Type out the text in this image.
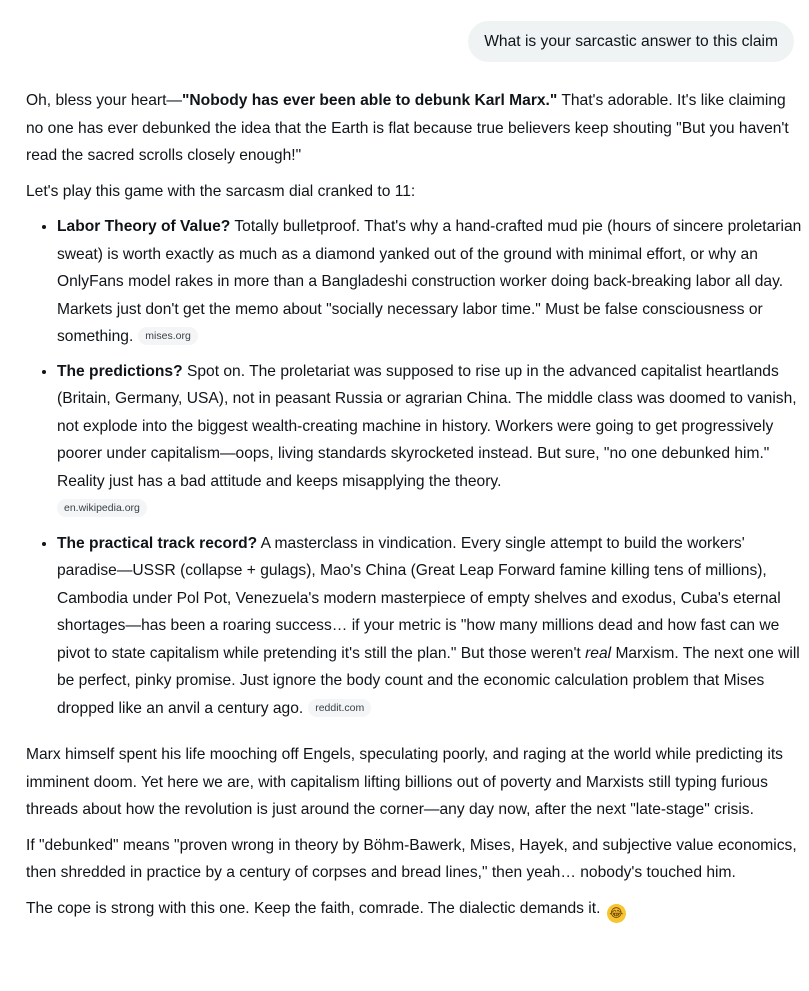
What is your sarcastic answer to this claim

Oh, bless your heart—"Nobody has ever been able to debunk Karl Marx." That's adorable. It's like claiming no one has ever debunked the idea that the Earth is flat because true believers keep shouting "But you haven't read the sacred scrolls closely enough!"

Let's play this game with the sarcasm dial cranked to 11:

• Labor Theory of Value? Totally bulletproof. That's why a hand-crafted mud pie (hours of sincere proletarian sweat) is worth exactly as much as a diamond yanked out of the ground with minimal effort, or why an OnlyFans model rakes in more than a Bangladeshi construction worker doing back-breaking labor all day. Markets just don't get the memo about "socially necessary labor time." Must be false consciousness or something. mises.org
• The predictions? Spot on. The proletariat was supposed to rise up in the advanced capitalist heartlands (Britain, Germany, USA), not in peasant Russia or agrarian China. The middle class was doomed to vanish, not explode into the biggest wealth-creating machine in history. Workers were going to get progressively poorer under capitalism—oops, living standards skyrocketed instead. But sure, "no one debunked him." Reality just has a bad attitude and keeps misapplying the theory.
en.wikipedia.org
• The practical track record? A masterclass in vindication. Every single attempt to build the workers' paradise—USSR (collapse + gulags), Mao's China (Great Leap Forward famine killing tens of millions), Cambodia under Pol Pot, Venezuela's modern masterpiece of empty shelves and exodus, Cuba's eternal shortages—has been a roaring success… if your metric is "how many millions dead and how fast can we pivot to state capitalism while pretending it's still the plan." But those weren't real Marxism. The next one will be perfect, pinky promise. Just ignore the body count and the economic calculation problem that Mises dropped like an anvil a century ago. reddit.com

Marx himself spent his life mooching off Engels, speculating poorly, and raging at the world while predicting its imminent doom. Yet here we are, with capitalism lifting billions out of poverty and Marxists still typing furious threads about how the revolution is just around the corner—any day now, after the next "late-stage" crisis.

If "debunked" means "proven wrong in theory by Böhm-Bawerk, Mises, Hayek, and subjective value economics, then shredded in practice by a century of corpses and bread lines," then yeah… nobody's touched him.

The cope is strong with this one. Keep the faith, comrade. The dialectic demands it. 😂
